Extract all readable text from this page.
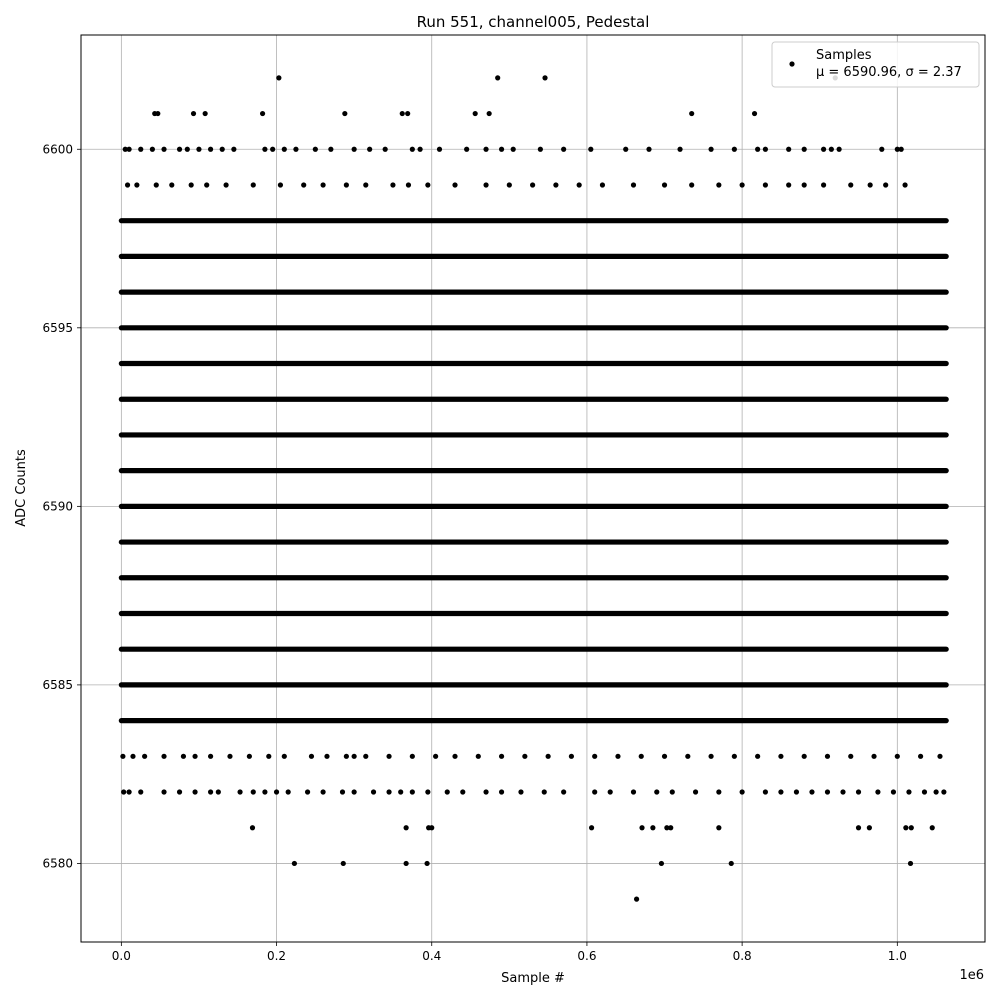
0.0	0.2	0.4	0.6	0.8	1.0
6580
6585
6590
6595
6600
Run 551, channel005, Pedestal
Sample #
ADC Counts
1e6
Samples
μ = 6590.96, σ = 2.37
